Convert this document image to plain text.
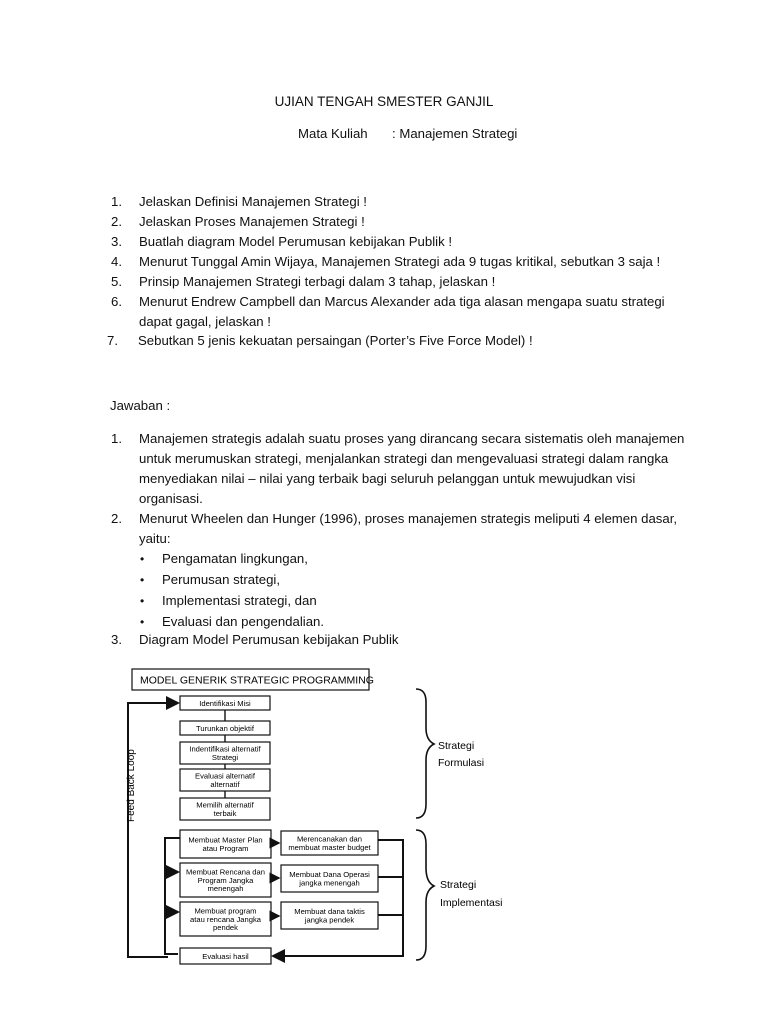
UJIAN TENGAH SMESTER GANJIL
Mata Kuliah : Manajemen Strategi
1. Jelaskan Definisi Manajemen Strategi !
2. Jelaskan Proses Manajemen Strategi !
3. Buatlah diagram Model Perumusan kebijakan Publik !
4. Menurut Tunggal Amin Wijaya, Manajemen Strategi ada 9 tugas kritikal, sebutkan 3 saja !
5. Prinsip Manajemen Strategi terbagi dalam 3 tahap, jelaskan !
6. Menurut Endrew Campbell dan Marcus Alexander ada tiga alasan mengapa suatu strategi
dapat gagal, jelaskan !
7. Sebutkan 5 jenis kekuatan persaingan (Porter’s Five Force Model) !
Jawaban :
1. Manajemen strategis adalah suatu proses yang dirancang secara sistematis oleh manajemen
untuk merumuskan strategi, menjalankan strategi dan mengevaluasi strategi dalam rangka
menyediakan nilai – nilai yang terbaik bagi seluruh pelanggan untuk mewujudkan visi
organisasi.
2. Menurut Wheelen dan Hunger (1996), proses manajemen strategis meliputi 4 elemen dasar,
yaitu:
3. Diagram Model Perumusan kebijakan Publik
• Pengamatan lingkungan,
• Perumusan strategi,
• Implementasi strategi, dan
• Evaluasi dan pengendalian.
MODEL GENERIK STRATEGIC PROGRAMMING
Feed Back Loop
Identifikasi Misi
Turunkan objektif
Indentifikasi alternatif
Strategi
Evaluasi alternatif
alternatif
Memilih alternatif
terbaik
Membuat Master Plan
atau Program
Membuat Rencana dan
Program Jangka
menengah
Membuat program
atau rencana Jangka
pendek
Evaluasi hasil
Merencanakan dan
membuat master budget
Membuat Dana Operasi
jangka menengah
Membuat dana taktis
jangka pendek
Strategi
Formulasi
Strategi
Implementasi
